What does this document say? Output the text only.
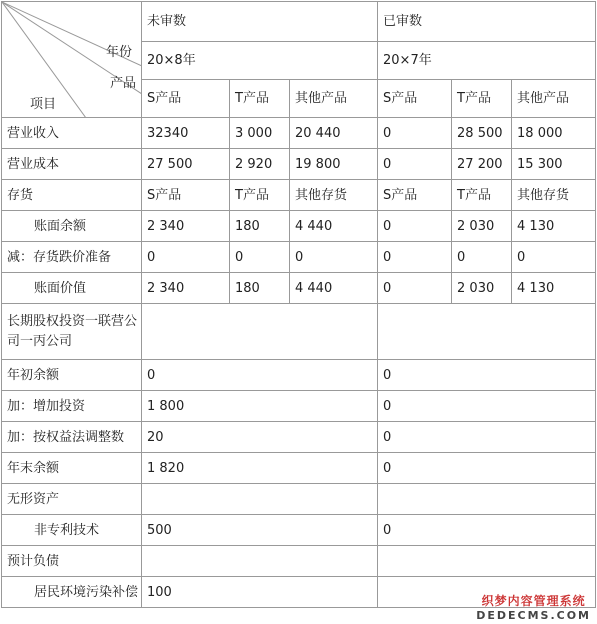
年份
产品
项目	未审数			已审数		
	20×8年			20×7年		
	S产品	T产品	其他产品	S产品	T产品	其他产品
营业收入	32340	3 000	20 440	0	28 500	18 000
营业成本	27 500	2 920	19 800	0	27 200	15 300
存货	S产品	T产品	其他存货	S产品	T产品	其他存货
账面余额	2 340	180	4 440	0	2 030	4 130
减：存货跌价准备	0	0	0	0	0	0
账面价值	2 340	180	4 440	0	2 030	4 130
长期股权投资一联营公司一丙公司						
年初余额	0			0		
加：增加投资	1 800			0		
加：按权益法调整数	20			0		
年末余额	1 820			0		
无形资产						
非专利技术	500			0		
预计负债						
居民环境污染补偿	100					
织梦内容管理系统
DEDECMS.COM
